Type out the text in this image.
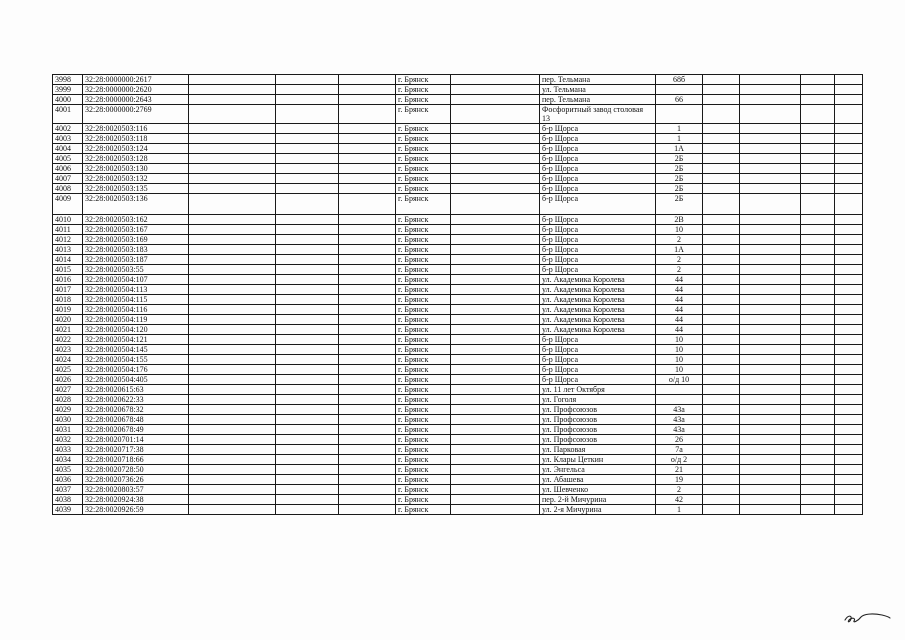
3998	32:28:0000000:2617				г. Брянск		пер. Тельмана	68б				
3999	32:28:0000000:2620				г. Брянск		ул. Тельмана					
4000	32:28:0000000:2643				г. Брянск		пер. Тельмана	66				
4001	32:28:0000000:2769				г. Брянск		Фосфоритный завод столовая 13					
4002	32:28:0020503:116				г. Брянск		б-р Щорса	1				
4003	32:28:0020503:118				г. Брянск		б-р Щорса	1				
4004	32:28:0020503:124				г. Брянск		б-р Щорса	1А				
4005	32:28:0020503:128				г. Брянск		б-р Щорса	2Б				
4006	32:28:0020503:130				г. Брянск		б-р Щорса	2Б				
4007	32:28:0020503:132				г. Брянск		б-р Щорса	2Б				
4008	32:28:0020503:135				г. Брянск		б-р Щорса	2Б				
4009	32:28:0020503:136				г. Брянск		б-р Щорса	2Б				
4010	32:28:0020503:162				г. Брянск		б-р Щорса	2В				
4011	32:28:0020503:167				г. Брянск		б-р Щорса	10				
4012	32:28:0020503:169				г. Брянск		б-р Щорса	2				
4013	32:28:0020503:183				г. Брянск		б-р Щорса	1А				
4014	32:28:0020503:187				г. Брянск		б-р Щорса	2				
4015	32:28:0020503:55				г. Брянск		б-р Щорса	2				
4016	32:28:0020504:107				г. Брянск		ул. Академика Королева	44				
4017	32:28:0020504:113				г. Брянск		ул. Академика Королева	44				
4018	32:28:0020504:115				г. Брянск		ул. Академика Королева	44				
4019	32:28:0020504:116				г. Брянск		ул. Академика Королева	44				
4020	32:28:0020504:119				г. Брянск		ул. Академика Королева	44				
4021	32:28:0020504:120				г. Брянск		ул. Академика Королева	44				
4022	32:28:0020504:121				г. Брянск		б-р Щорса	10				
4023	32:28:0020504:145				г. Брянск		б-р Щорса	10				
4024	32:28:0020504:155				г. Брянск		б-р Щорса	10				
4025	32:28:0020504:176				г. Брянск		б-р Щорса	10				
4026	32:28:0020504:405				г. Брянск		б-р Щорса	о/д 10				
4027	32:28:0020615:63				г. Брянск		ул. 11 лет Октября					
4028	32:28:0020622:33				г. Брянск		ул. Гоголя					
4029	32:28:0020678:32				г. Брянск		ул. Профсоюзов	43а				
4030	32:28:0020678:48				г. Брянск		ул. Профсоюзов	43а				
4031	32:28:0020678:49				г. Брянск		ул. Профсоюзов	43а				
4032	32:28:0020701:14				г. Брянск		ул. Профсоюзов	26				
4033	32:28:0020717:38				г. Брянск		ул. Парковая	7а				
4034	32:28:0020718:66				г. Брянск		ул. Клары Цеткин	о/д 2				
4035	32:28:0020728:50				г. Брянск		ул. Энгельса	21				
4036	32:28:0020736:26				г. Брянск		ул. Абашева	19				
4037	32:28:0020803:57				г. Брянск		ул. Шевченко	2				
4038	32:28:0020924:38				г. Брянск		пер. 2-й Мичурина	42				
4039	32:28:0020926:59				г. Брянск		ул. 2-я Мичурина	1				
